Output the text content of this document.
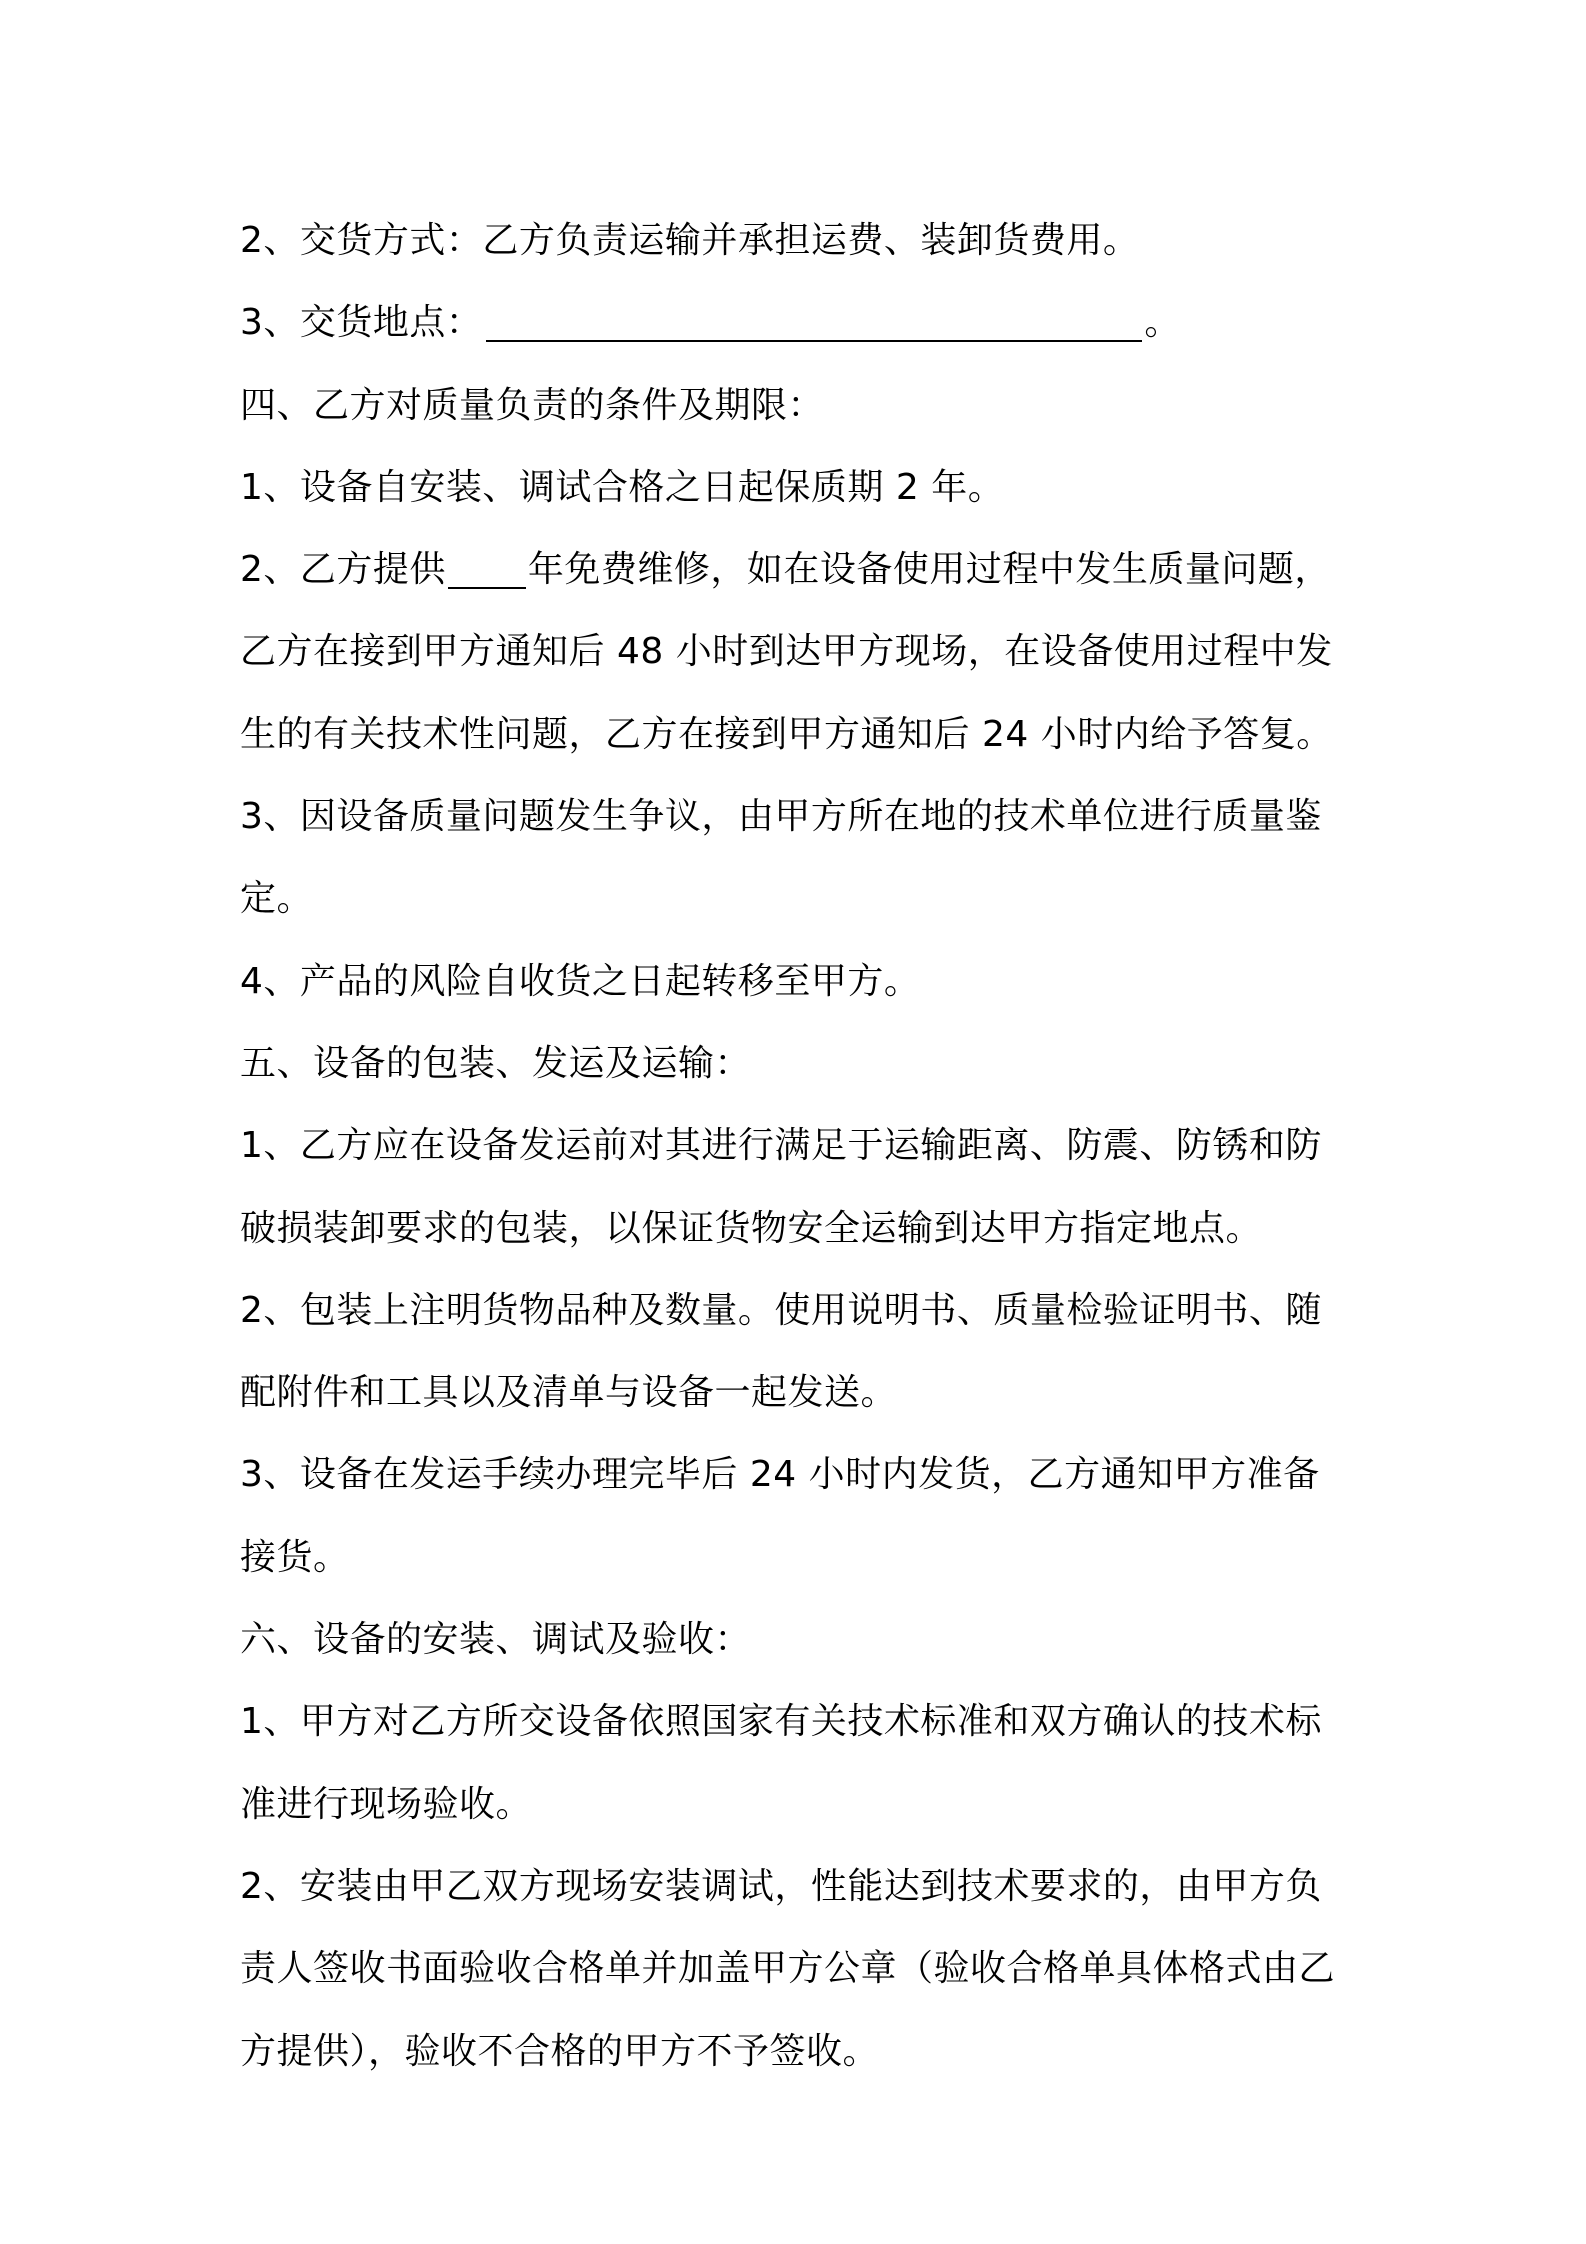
2、交货方式：乙方负责运输并承担运费、装卸货费用。
3、交货地点：	。
四、乙方对质量负责的条件及期限：
1、设备自安装、调试合格之日起保质期 2 年。
2、乙方提供 年免费维修，如在设备使用过程中发生质量问题，
乙方在接到甲方通知后 48 小时到达甲方现场，在设备使用过程中发
生的有关技术性问题，乙方在接到甲方通知后 24 小时内给予答复。
3、因设备质量问题发生争议，由甲方所在地的技术单位进行质量鉴
定。
4、产品的风险自收货之日起转移至甲方。
五、设备的包装、发运及运输：
1、乙方应在设备发运前对其进行满足于运输距离、防震、防锈和防
破损装卸要求的包装，以保证货物安全运输到达甲方指定地点。
2、包装上注明货物品种及数量。使用说明书、质量检验证明书、随
配附件和工具以及清单与设备一起发送。
3、设备在发运手续办理完毕后 24 小时内发货，乙方通知甲方准备
接货。
六、设备的安装、调试及验收：
1、甲方对乙方所交设备依照国家有关技术标准和双方确认的技术标
准进行现场验收。
2、安装由甲乙双方现场安装调试，性能达到技术要求的，由甲方负
责人签收书面验收合格单并加盖甲方公章（验收合格单具体格式由乙
方提供），验收不合格的甲方不予签收。
